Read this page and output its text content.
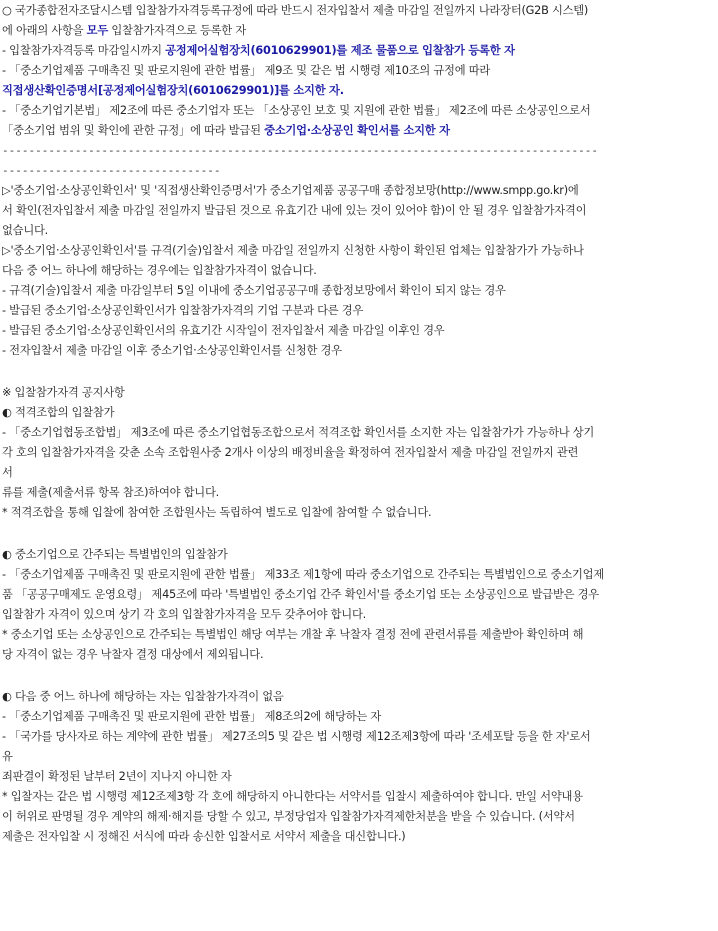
○ 국가종합전자조달시스템 입찰참가자격등록규정에 따라 반드시 전자입찰서 제출 마감일 전일까지 나라장터(G2B 시스템)
에 아래의 사항을 모두 입찰참가자격으로 등록한 자
- 입찰참가자격등록 마감일시까지 공정제어실험장치(6010629901)를 제조 물품으로 입찰참가 등록한 자
- 「중소기업제품 구매촉진 및 판로지원에 관한 법률」 제9조 및 같은 법 시행령 제10조의 규정에 따라
직접생산확인증명서[공정제어실험장치(6010629901)]를 소지한 자.
- 「중소기업기본법」 제2조에 따른 중소기업자 또는 「소상공인 보호 및 지원에 관한 법률」 제2조에 따른 소상공인으로서
「중소기업 범위 및 확인에 관한 규정」에 따라 발급된 중소기업·소상공인 확인서를 소지한 자
------------------------------------------------------------------------------------------
---------------------------------
▷'중소기업·소상공인확인서' 및 '직접생산확인증명서'가 중소기업제품 공공구매 종합정보망(http://www.smpp.go.kr)에
서 확인(전자입찰서 제출 마감일 전일까지 발급된 것으로 유효기간 내에 있는 것이 있어야 함)이 안 될 경우 입찰참가자격이
없습니다.
▷'중소기업·소상공인확인서'를 규격(기술)입찰서 제출 마감일 전일까지 신청한 사항이 확인된 업체는 입찰참가가 가능하나
다음 중 어느 하나에 해당하는 경우에는 입찰참가자격이 없습니다.
- 규격(기술)입찰서 제출 마감일부터 5일 이내에 중소기업공공구매 종합정보망에서 확인이 되지 않는 경우
- 발급된 중소기업·소상공인확인서가 입찰참가자격의 기업 구분과 다른 경우
- 발급된 중소기업·소상공인확인서의 유효기간 시작일이 전자입찰서 제출 마감일 이후인 경우
- 전자입찰서 제출 마감일 이후 중소기업·소상공인확인서를 신청한 경우
※ 입찰참가자격 공지사항
◐ 적격조합의 입찰참가
- 「중소기업협동조합법」 제3조에 따른 중소기업협동조합으로서 적격조합 확인서를 소지한 자는 입찰참가가 가능하나 상기
각 호의 입찰참가자격을 갖춘 소속 조합원사중 2개사 이상의 배정비율을 확정하여 전자입찰서 제출 마감일 전일까지 관련
서
류를 제출(제출서류 항목 참조)하여야 합니다.
* 적격조합을 통해 입찰에 참여한 조합원사는 독립하여 별도로 입찰에 참여할 수 없습니다.
◐ 중소기업으로 간주되는 특별법인의 입찰참가
- 「중소기업제품 구매촉진 및 판로지원에 관한 법률」 제33조 제1항에 따라 중소기업으로 간주되는 특별법인으로 중소기업제
품 「공공구매제도 운영요령」 제45조에 따라 '특별법인 중소기업 간주 확인서'를 중소기업 또는 소상공인으로 발급받은 경우
입찰참가 자격이 있으며 상기 각 호의 입찰참가자격을 모두 갖추어야 합니다.
* 중소기업 또는 소상공인으로 간주되는 특별법인 해당 여부는 개찰 후 낙찰자 결정 전에 관련서류를 제출받아 확인하며 해
당 자격이 없는 경우 낙찰자 결정 대상에서 제외됩니다.
◐ 다음 중 어느 하나에 해당하는 자는 입찰참가자격이 없음
- 「중소기업제품 구매촉진 및 판로지원에 관한 법률」 제8조의2에 해당하는 자
- 「국가를 당사자로 하는 계약에 관한 법률」 제27조의5 및 같은 법 시행령 제12조제3항에 따라 '조세포탈 등을 한 자'로서
유
죄판결이 확정된 날부터 2년이 지나지 아니한 자
* 입찰자는 같은 법 시행령 제12조제3항 각 호에 해당하지 아니한다는 서약서를 입찰시 제출하여야 합니다. 만일 서약내용
이 허위로 판명될 경우 계약의 해제·해지를 당할 수 있고, 부정당업자 입찰참가자격제한처분을 받을 수 있습니다. (서약서
제출은 전자입찰 시 정해진 서식에 따라 송신한 입찰서로 서약서 제출을 대신합니다.)
